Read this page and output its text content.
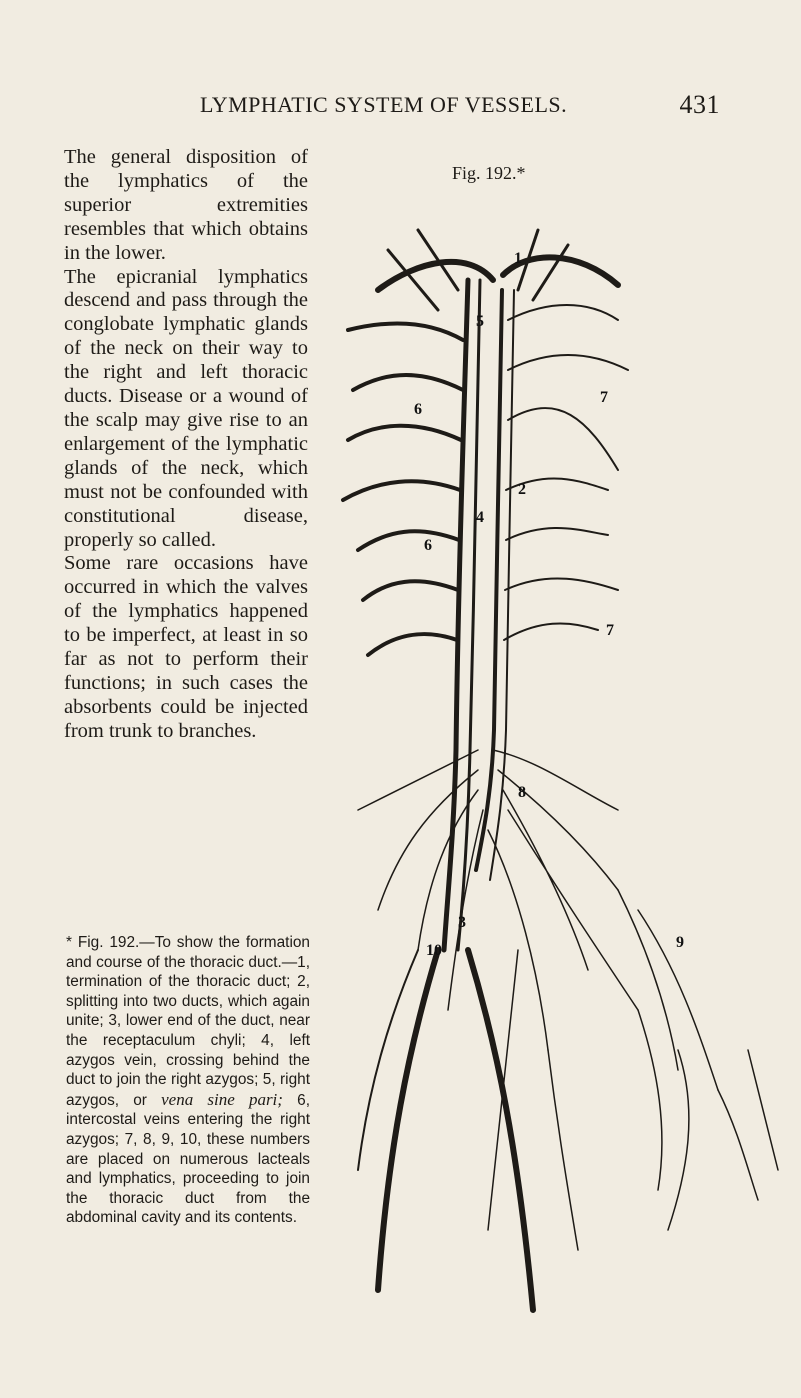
LYMPHATIC SYSTEM OF VESSELS.	431

The general disposition of the lymphatics of the superior extremities resembles that which obtains in the lower.

The epicranial lymphatics descend and pass through the conglobate lymphatic glands of the neck on their way to the right and left thoracic ducts. Disease or a wound of the scalp may give rise to an enlargement of the lymphatic glands of the neck, which must not be confounded with constitutional disease, properly so called.

Some rare occasions have occurred in which the valves of the lymphatics happened to be imperfect, at least in so far as not to perform their functions; in such cases the absorbents could be injected from trunk to branches.

* Fig. 192.—To show the formation and course of the thoracic duct.—1, termination of the thoracic duct; 2, splitting into two ducts, which again unite; 3, lower end of the duct, near the receptaculum chyli; 4, left azygos vein, crossing behind the duct to join the right azygos; 5, right azygos, or vena sine pari; 6, intercostal veins entering the right azygos; 7, 8, 9, 10, these numbers are placed on numerous lacteals and lymphatics, proceeding to join the thoracic duct from the abdominal cavity and its contents.
Fig. 192.*
1
2
3
4
5
6
6
7
7
8
9
10
